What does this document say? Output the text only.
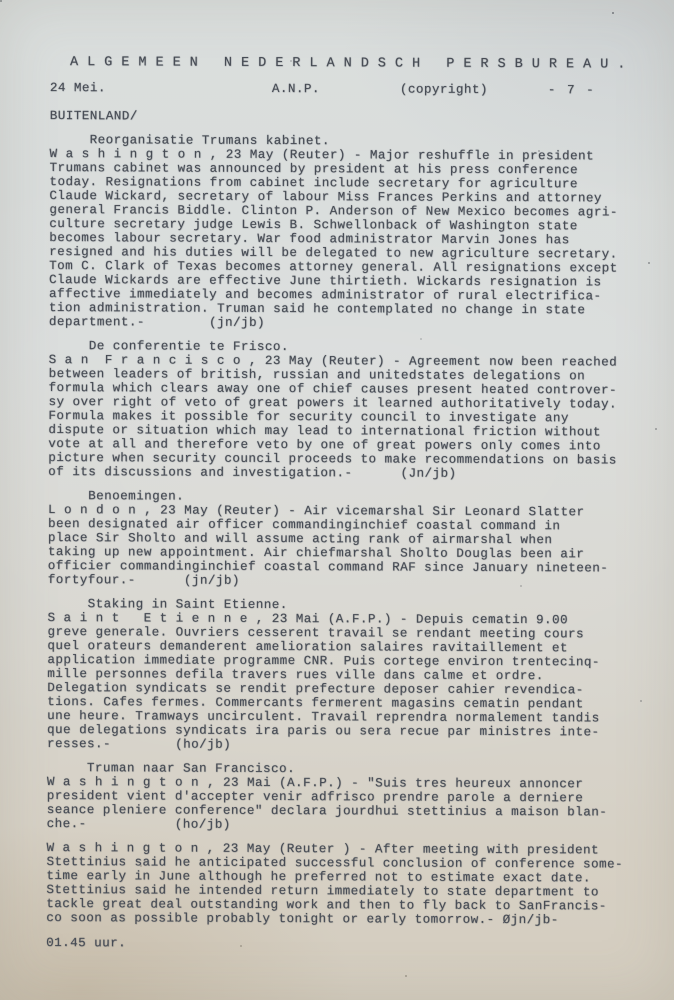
A L G E M E E N   N E D E R L A N D S C H   P E R S B U R E A U .
24 Mei.	A.N.P.	(copyright)	- 7 -
BUITENLAND/
Reorganisatie Trumans kabinet.
W a s h i n g t o n , 23 May (Reuter) - Major reshuffle in president
Trumans cabinet was announced by president at his press conference
today. Resignations from cabinet include secretary for agriculture
Claude Wickard, secretary of labour Miss Frances Perkins and attorney
general Francis Biddle. Clinton P. Anderson of New Mexico becomes agri-
culture secretary judge Lewis B. Schwellonback of Washington state
becomes labour secretary. War food administrator Marvin Jones has
resigned and his duties will be delegated to new agriculture secretary.
Tom C. Clark of Texas becomes attorney general. All resignations except
Claude Wickards are effective June thirtieth. Wickards resignation is
affective immediately and becomes administrator of rural electrifica-
tion administration. Truman said he contemplated no change in state
department.-        (jn/jb)
De conferentie te Frisco.
S a n  F r a n c i s c o , 23 May (Reuter) - Agreement now been reached
between leaders of british, russian and unitedstates delegations on
formula which clears away one of chief causes present heated controver-
sy over right of veto of great powers it learned authoritatively today.
Formula makes it possible for security council to investigate any
dispute or situation which may lead to international friction without
vote at all and therefore veto by one of great powers only comes into
picture when security council proceeds to make recommendations on basis
of its discussions and investigation.-      (Jn/jb)
Benoemingen.
L o n d o n , 23 May (Reuter) - Air vicemarshal Sir Leonard Slatter
been designated air officer commandinginchief coastal command in
place Sir Sholto and will assume acting rank of airmarshal when
taking up new appointment. Air chiefmarshal Sholto Douglas been air
officier commandinginchief coastal command RAF since January nineteen-
fortyfour.-      (jn/jb)
Staking in Saint Etienne.
S a i n t   E t i e n n e , 23 Mai (A.F.P.) - Depuis cematin 9.00
greve generale. Ouvriers cesserent travail se rendant meeting cours
quel orateurs demanderent amelioration salaires ravitaillement et
application immediate programme CNR. Puis cortege environ trentecinq-
mille personnes defila travers rues ville dans calme et ordre.
Delegation syndicats se rendit prefecture deposer cahier revendica-
tions. Cafes fermes. Commercants fermerent magasins cematin pendant
une heure. Tramways uncirculent. Travail reprendra normalement tandis
que delegations syndicats ira paris ou sera recue par ministres inte-
resses.-        (ho/jb)
Truman naar San Francisco.
W a s h i n g t o n , 23 Mai (A.F.P.) - "Suis tres heureux annoncer
president vient d'accepter venir adfrisco prendre parole a derniere
seance pleniere conference" declara jourdhui stettinius a maison blan-
che.-           (ho/jb)
W a s h i n g t o n , 23 May (Reuter ) - After meeting with president
Stettinius said he anticipated successful conclusion of conference some-
time early in June although he preferred not to estimate exact date.
Stettinius said he intended return immediately to state department to
tackle great deal outstanding work and then to fly back to SanFrancis-
co soon as possible probably tonight or early tomorrow.- Øjn/jb-
01.45 uur.
